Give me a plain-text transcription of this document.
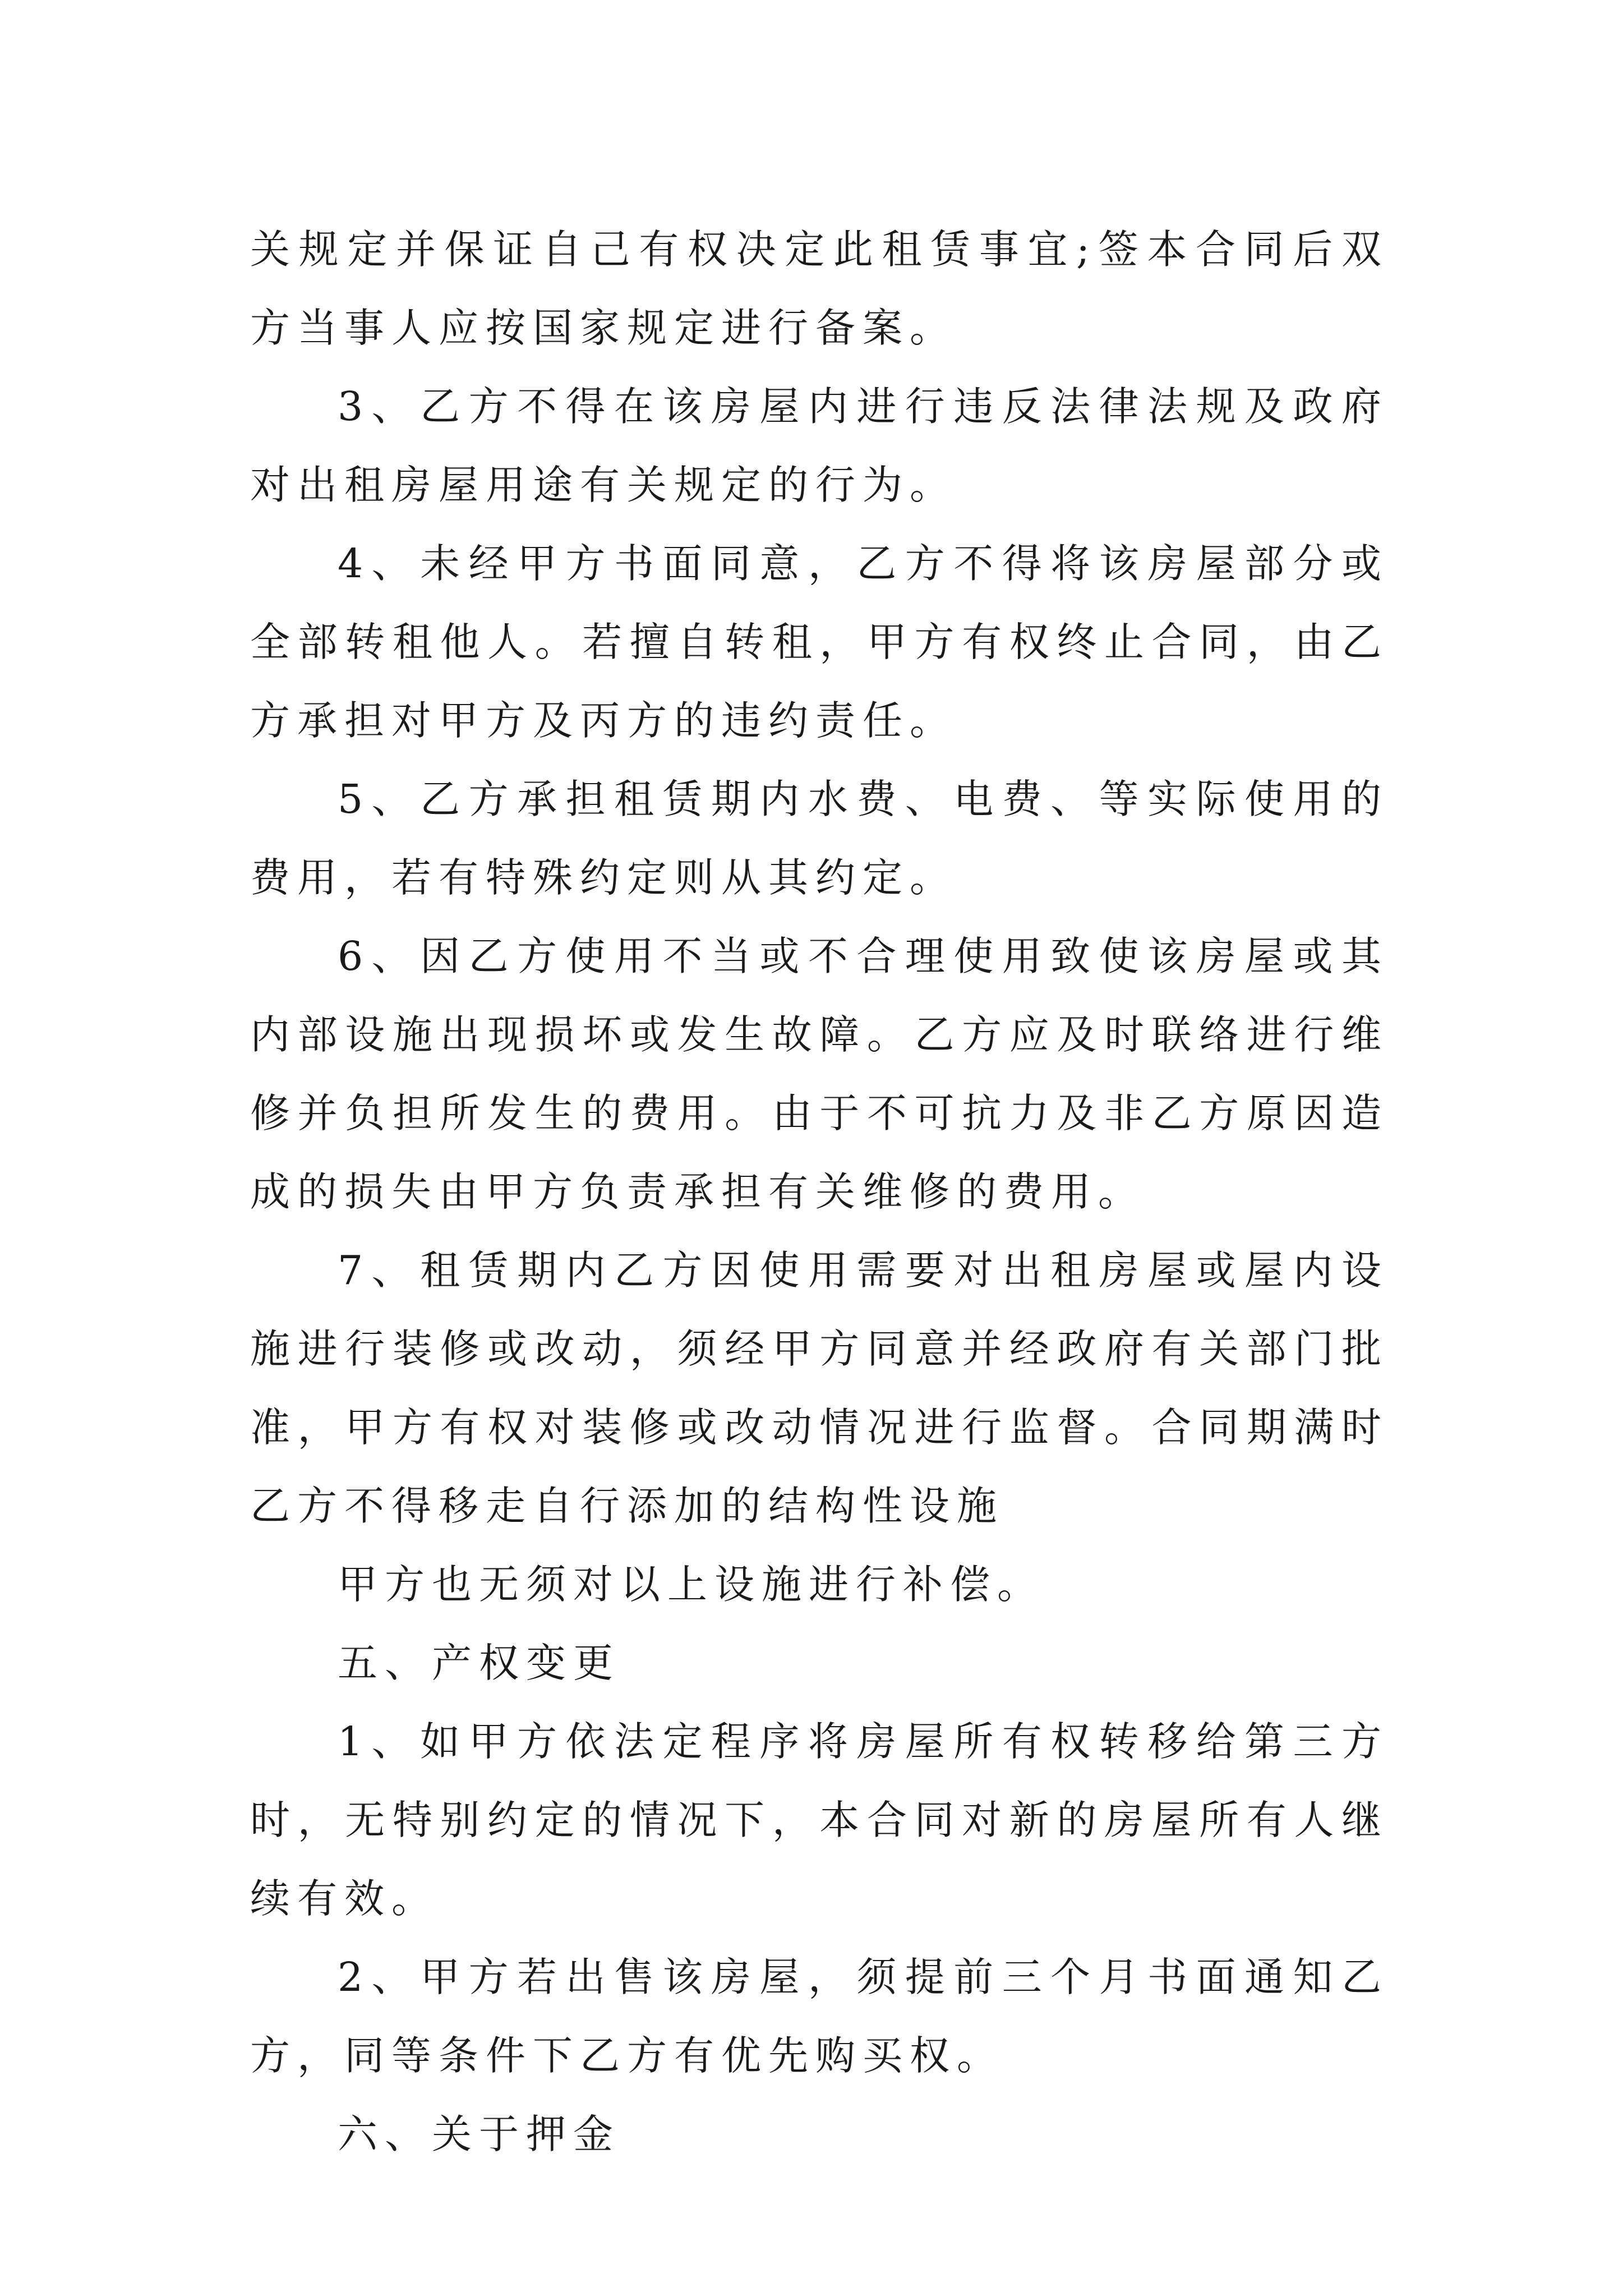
关规定并保证自己有权决定此租赁事宜;签本合同后双方当事人应按国家规定进行备案。

3、乙方不得在该房屋内进行违反法律法规及政府对出租房屋用途有关规定的行为。

4、未经甲方书面同意，乙方不得将该房屋部分或全部转租他人。若擅自转租，甲方有权终止合同，由乙方承担对甲方及丙方的违约责任。

5、乙方承担租赁期内水费、电费、等实际使用的费用，若有特殊约定则从其约定。

6、因乙方使用不当或不合理使用致使该房屋或其内部设施出现损坏或发生故障。乙方应及时联络进行维修并负担所发生的费用。由于不可抗力及非乙方原因造成的损失由甲方负责承担有关维修的费用。

7、租赁期内乙方因使用需要对出租房屋或屋内设施进行装修或改动，须经甲方同意并经政府有关部门批准，甲方有权对装修或改动情况进行监督。合同期满时乙方不得移走自行添加的结构性设施

甲方也无须对以上设施进行补偿。

五、产权变更

1、如甲方依法定程序将房屋所有权转移给第三方时，无特别约定的情况下，本合同对新的房屋所有人继续有效。

2、甲方若出售该房屋，须提前三个月书面通知乙方，同等条件下乙方有优先购买权。

六、关于押金
